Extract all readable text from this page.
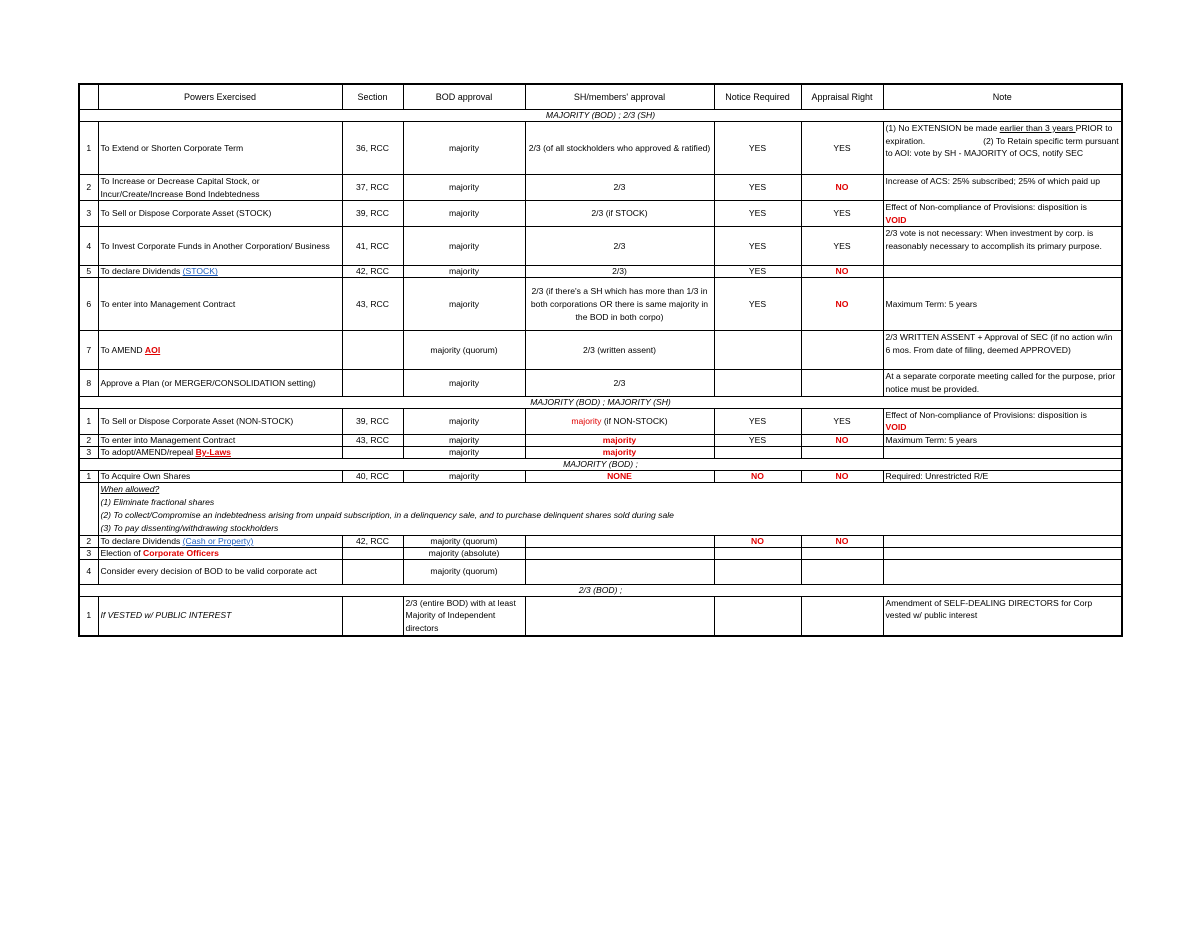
	Powers Exercised	Section	BOD approval	SH/members' approval	Notice Required	Appraisal Right	Note
MAJORITY (BOD) ; 2/3 (SH)							
1	To Extend or Shorten Corporate Term	36, RCC	majority	2/3 (of all stockholders who approved & ratified)	YES	YES	(1) No EXTENSION be made earlier than 3 years PRIOR to expiration. (2) To Retain specific term pursuant to AOI: vote by SH - MAJORITY of OCS, notify SEC
2	To Increase or Decrease Capital Stock, or Incur/Create/Increase Bond Indebtedness	37, RCC	majority	2/3	YES	NO	Increase of ACS: 25% subscribed; 25% of which paid up
3	To Sell or Dispose Corporate Asset (STOCK)	39, RCC	majority	2/3 (if STOCK)	YES	YES	Effect of Non-compliance of Provisions: disposition is
VOID
4	To Invest Corporate Funds in Another Corporation/ Business	41, RCC	majority	2/3	YES	YES	2/3 vote is not necessary: When investment by corp. is reasonably necessary to accomplish its primary purpose.
5	To declare Dividends (STOCK)	42, RCC	majority	2/3)	YES	NO	
6	To enter into Management Contract	43, RCC	majority	2/3 (if there's a SH which has more than 1/3 in both corporations OR there is same majority in the BOD in both corpo)	YES	NO	Maximum Term: 5 years
7	To AMEND AOI		majority (quorum)	2/3 (written assent)			2/3 WRITTEN ASSENT + Approval of SEC (if no action w/in 6 mos. From date of filing, deemed APPROVED)
8	Approve a Plan (or MERGER/CONSOLIDATION setting)		majority	2/3			At a separate corporate meeting called for the purpose, prior notice must be provided.
MAJORITY (BOD) ; MAJORITY (SH)							
1	To Sell or Dispose Corporate Asset (NON-STOCK)	39, RCC	majority	majority (if NON-STOCK)	YES	YES	Effect of Non-compliance of Provisions: disposition is
VOID
2	To enter into Management Contract	43, RCC	majority	majority	YES	NO	Maximum Term: 5 years
3	To adopt/AMEND/repeal By-Laws		majority	majority			
MAJORITY (BOD) ;							
1	To Acquire Own Shares	40, RCC	majority	NONE	NO	NO	Required: Unrestricted R/E

	When allowed?
(1) Eliminate fractional shares
(2) To collect/Compromise an indebtedness arising from unpaid subscription, in a delinquency sale, and to purchase delinquent shares sold during sale
(3) To pay dissenting/withdrawing stockholders						

2	To declare Dividends (Cash or Property)	42, RCC	majority (quorum)		NO	NO	
3	Election of Corporate Officers		majority (absolute)				
4	Consider every decision of BOD to be valid corporate act		majority (quorum)				
2/3 (BOD) ;							
1	If VESTED w/ PUBLIC INTEREST		2/3 (entire BOD) with at least Majority of Independent directors				Amendment of SELF-DEALING DIRECTORS for Corp vested w/ public interest
